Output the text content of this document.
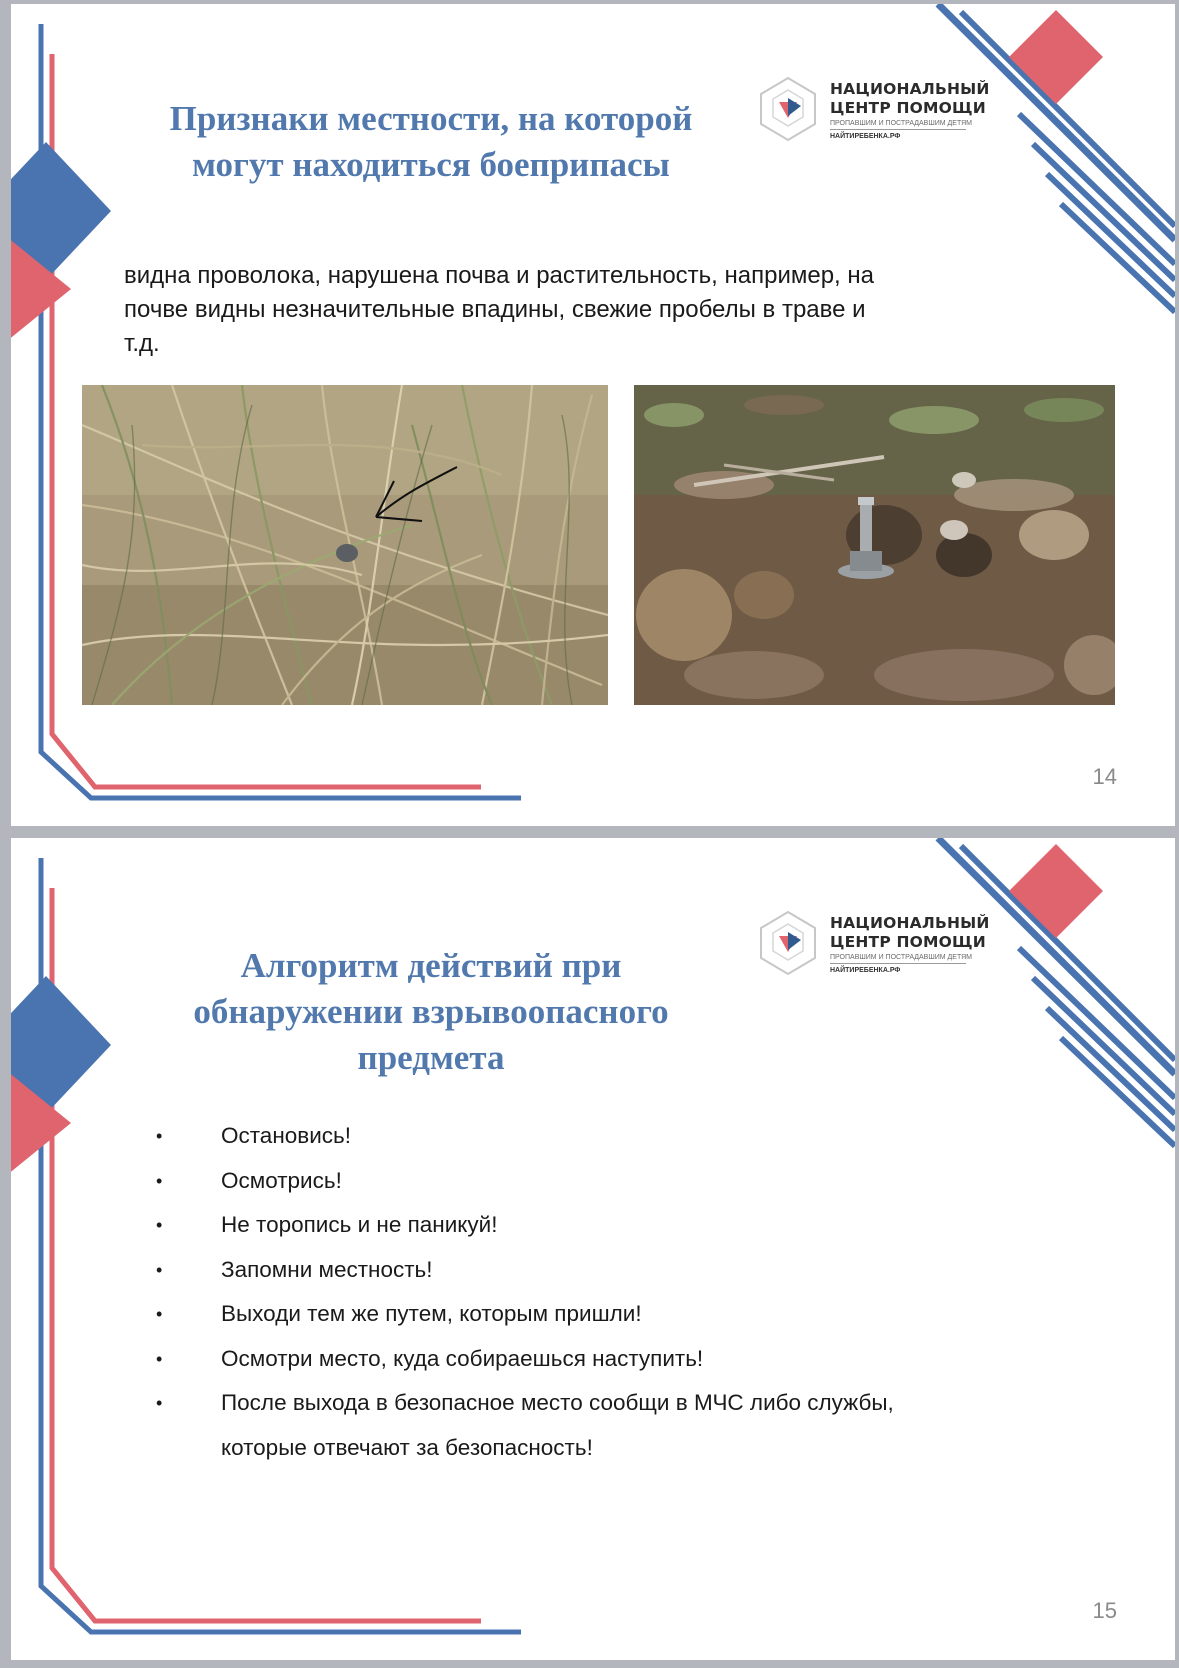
НАЦИОНАЛЬНЫЙ
ЦЕНТР ПОМОЩИ
ПРОПАВШИМ И ПОСТРАДАВШИМ ДЕТЯМ
НАЙТИРЕБЕНКА.РФ
Признаки местности, на которой
могут находиться боеприпасы

видна проволока, нарушена почва и растительность, например, на
почве видны незначительные впадины, свежие пробелы в траве и
т.д.

14
НАЦИОНАЛЬНЫЙ
ЦЕНТР ПОМОЩИ
ПРОПАВШИМ И ПОСТРАДАВШИМ ДЕТЯМ
НАЙТИРЕБЕНКА.РФ
Алгоритм действий при
обнаружении взрывоопасного
предмета
•	Остановись!
•	Осмотрись!
•	Не торопись и не паникуй!
•	Запомни местность!
•	Выходи тем же путем, которым пришли!
•	Осмотри место, куда собираешься наступить!
•	После выхода в безопасное место сообщи в МЧС либо службы,
которые отвечают за безопасность!
15
